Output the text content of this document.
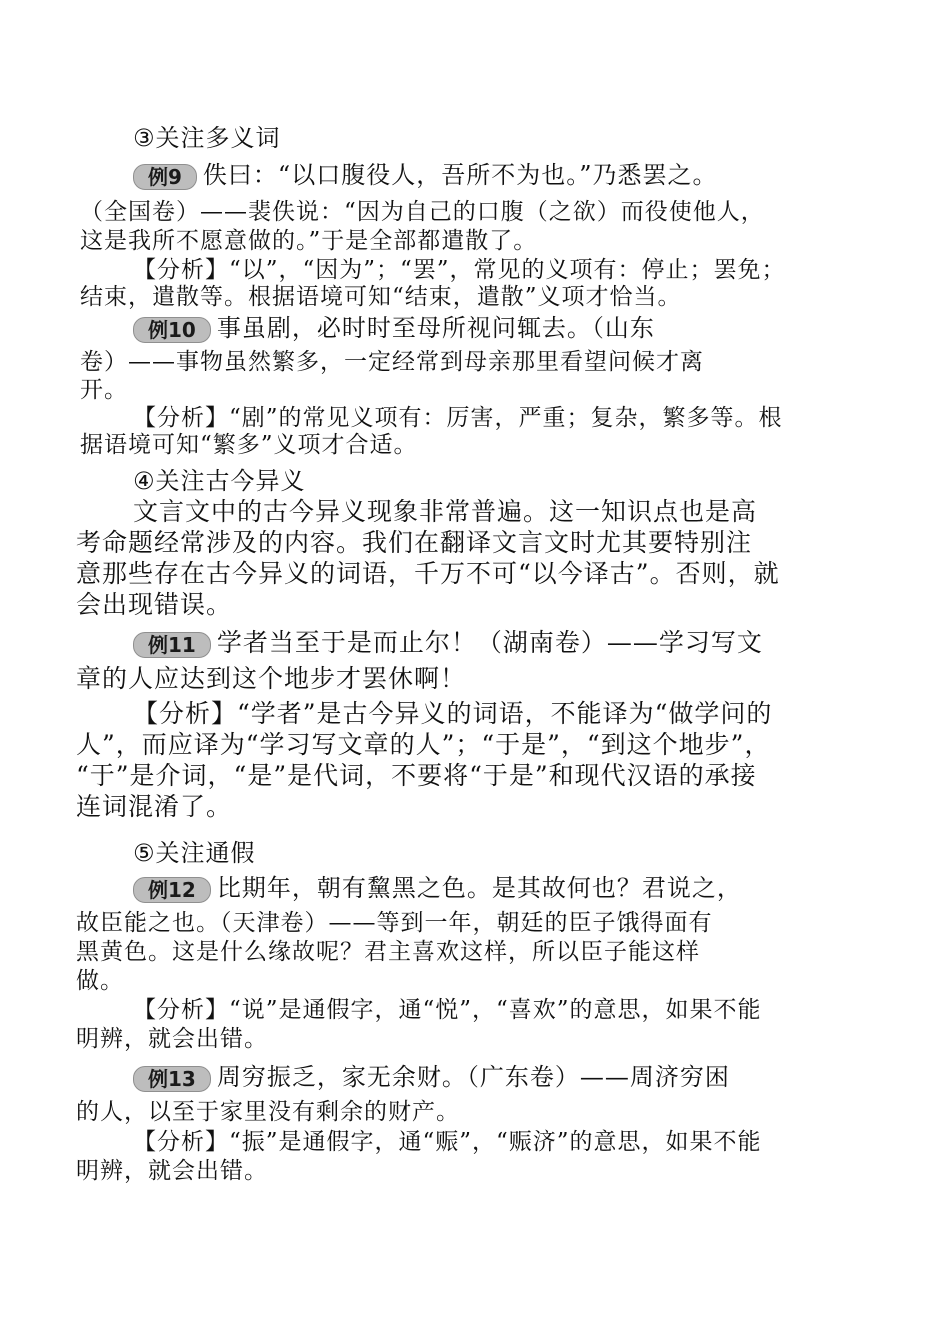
③关注多义词
例9 佚曰：“以口腹役人，吾所不为也。”乃悉罢之。
（全国卷）——裴佚说：“因为自己的口腹（之欲）而役使他人，
这是我所不愿意做的。”于是全部都遣散了。
【分析】“以”，“因为”；“罢”，常见的义项有：停止；罢免；
结束，遣散等。根据语境可知“结束，遣散”义项才恰当。
例10 事虽剧，必时时至母所视问辄去。（山东
卷）——事物虽然繁多，一定经常到母亲那里看望问候才离
开。
【分析】“剧”的常见义项有：厉害，严重；复杂，繁多等。根
据语境可知“繁多”义项才合适。
④关注古今异义
文言文中的古今异义现象非常普遍。这一知识点也是高
考命题经常涉及的内容。我们在翻译文言文时尤其要特别注
意那些存在古今异义的词语，千万不可“以今译古”。否则，就
会出现错误。
例11 学者当至于是而止尔！（湖南卷）——学习写文
章的人应达到这个地步才罢休啊！
【分析】“学者”是古今异义的词语，不能译为“做学问的
人”，而应译为“学习写文章的人”；“于是”，“到这个地步”，
“于”是介词，“是”是代词，不要将“于是”和现代汉语的承接
连词混淆了。
⑤关注通假
例12 比期年，朝有黧黑之色。是其故何也？君说之，
故臣能之也。（天津卷）——等到一年，朝廷的臣子饿得面有
黑黄色。这是什么缘故呢？君主喜欢这样，所以臣子能这样
做。
【分析】“说”是通假字，通“悦”，“喜欢”的意思，如果不能
明辨，就会出错。
例13 周穷振乏，家无余财。（广东卷）——周济穷困
的人，以至于家里没有剩余的财产。
【分析】“振”是通假字，通“赈”，“赈济”的意思，如果不能
明辨，就会出错。
